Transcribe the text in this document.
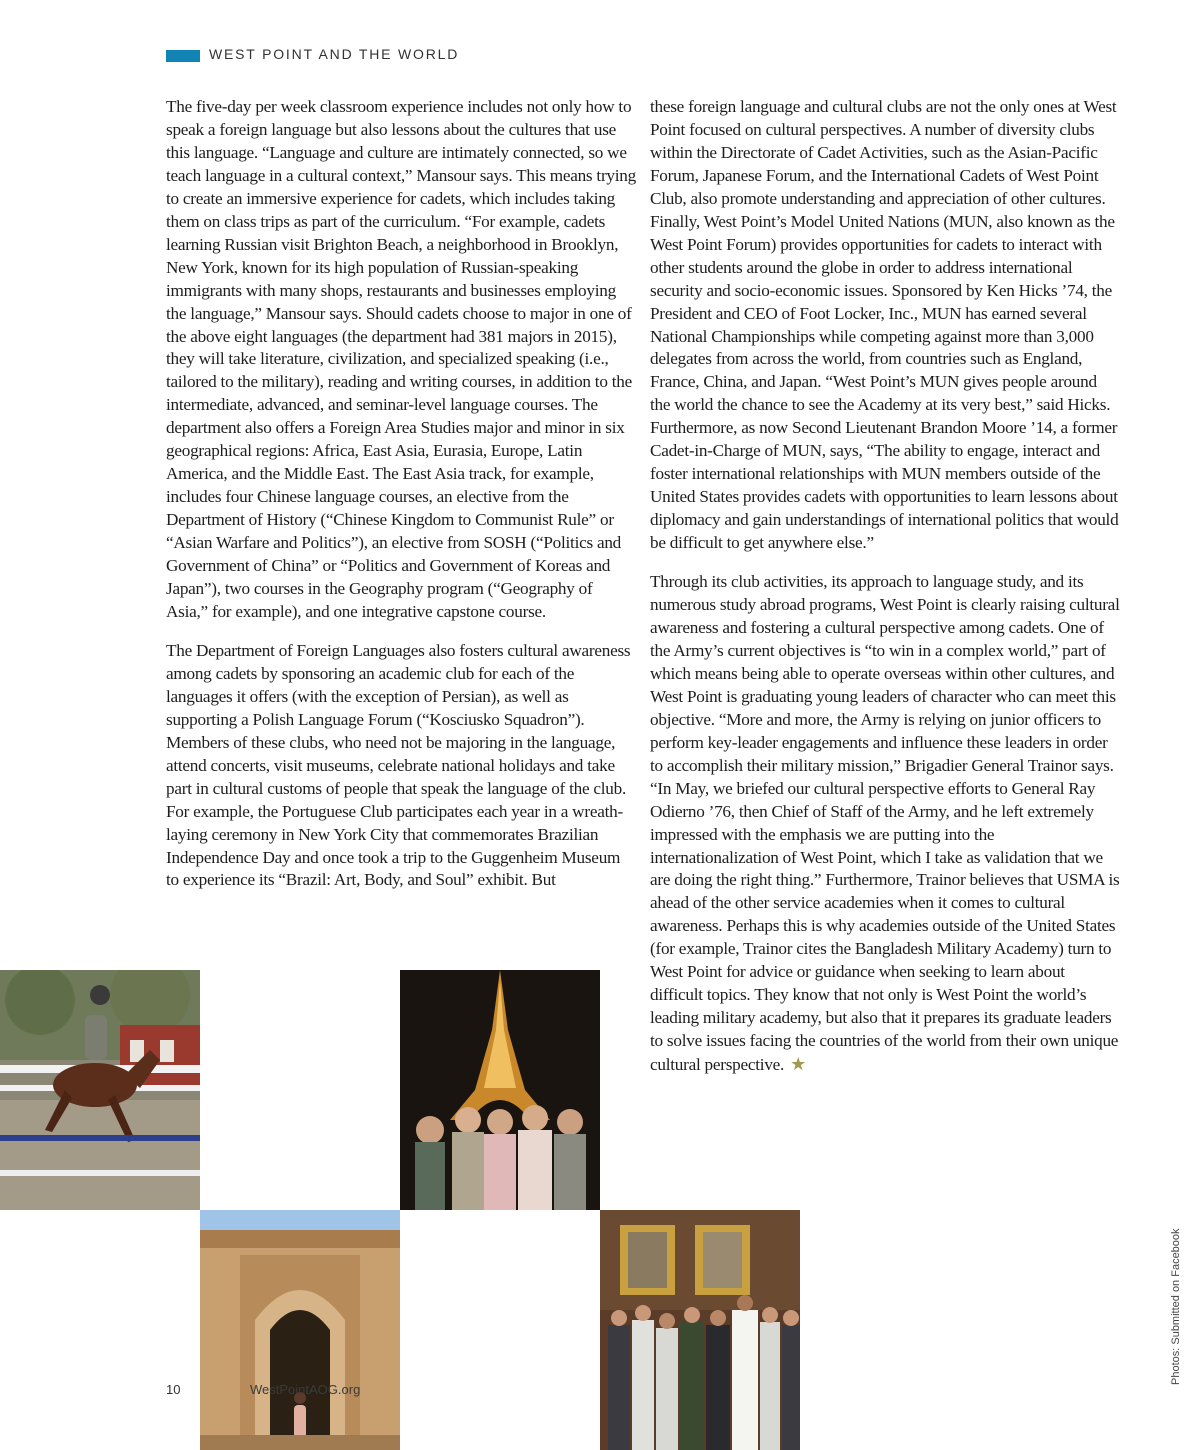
WEST POINT AND THE WORLD

The five-day per week classroom experience includes not only how to speak a foreign language but also lessons about the cultures that use this language. “Language and culture are intimately connected, so we teach language in a cultural context,” Mansour says. This means trying to create an immersive experience for cadets, which includes taking them on class trips as part of the curriculum. “For example, cadets learning Russian visit Brighton Beach, a neighborhood in Brooklyn, New York, known for its high population of Russian-speaking immigrants with many shops, restaurants and businesses employing the language,” Mansour says. Should cadets choose to major in one of the above eight languages (the department had 381 majors in 2015), they will take literature, civilization, and specialized speaking (i.e., tailored to the military), reading and writing courses, in addition to the intermediate, advanced, and seminar-level language courses. The department also offers a Foreign Area Studies major and minor in six geographical regions: Africa, East Asia, Eurasia, Europe, Latin America, and the Middle East. The East Asia track, for example, includes four Chinese language courses, an elective from the Department of History (“Chinese Kingdom to Communist Rule” or “Asian Warfare and Politics”), an elective from SOSH (“Politics and Government of China” or “Politics and Government of Koreas and Japan”), two courses in the Geography program (“Geography of Asia,” for example), and one integrative capstone course.

The Department of Foreign Languages also fosters cultural awareness among cadets by sponsoring an academic club for each of the languages it offers (with the exception of Persian), as well as supporting a Polish Language Forum (“Kosciusko Squadron”). Members of these clubs, who need not be majoring in the language, attend concerts, visit museums, celebrate national holidays and take part in cultural customs of people that speak the language of the club. For example, the Portuguese Club participates each year in a wreath-laying ceremony in New York City that commemorates Brazilian Independence Day and once took a trip to the Guggenheim Museum to experience its “Brazil: Art, Body, and Soul” exhibit. But

these foreign language and cultural clubs are not the only ones at West Point focused on cultural perspectives. A number of diversity clubs within the Directorate of Cadet Activities, such as the Asian-Pacific Forum, Japanese Forum, and the International Cadets of West Point Club, also promote understanding and appreciation of other cultures. Finally, West Point’s Model United Nations (MUN, also known as the West Point Forum) provides opportunities for cadets to interact with other students around the globe in order to address international security and socio-economic issues. Sponsored by Ken Hicks ’74, the President and CEO of Foot Locker, Inc., MUN has earned several National Championships while competing against more than 3,000 delegates from across the world, from countries such as England, France, China, and Japan. “West Point’s MUN gives people around the world the chance to see the Academy at its very best,” said Hicks. Furthermore, as now Second Lieutenant Brandon Moore ’14, a former Cadet-in-Charge of MUN, says, “The ability to engage, interact and foster international relationships with MUN members outside of the United States provides cadets with opportunities to learn lessons about diplomacy and gain understandings of international politics that would be difficult to get anywhere else.”

Through its club activities, its approach to language study, and its numerous study abroad programs, West Point is clearly raising cultural awareness and fostering a cultural perspective among cadets. One of the Army’s current objectives is “to win in a complex world,” part of which means being able to operate overseas within other cultures, and West Point is graduating young leaders of character who can meet this objective. “More and more, the Army is relying on junior officers to perform key-leader engagements and influence these leaders in order to accomplish their military mission,” Brigadier General Trainor says. “In May, we briefed our cultural perspective efforts to General Ray Odierno ’76, then Chief of Staff of the Army, and he left extremely impressed with the emphasis we are putting into the internationalization of West Point, which I take as validation that we are doing the right thing.” Furthermore, Trainor believes that USMA is ahead of the other service academies when it comes to cultural awareness. Perhaps this is why academies outside of the United States (for example, Trainor cites the Bangladesh Military Academy) turn to West Point for advice or guidance when seeking to learn about difficult topics. They know that not only is West Point the world’s leading military academy, but also that it prepares its graduate leaders to solve issues facing the countries of the world from their own unique cultural perspective. ★

10	WestPointAOG.org
Photos: Submitted on Facebook
